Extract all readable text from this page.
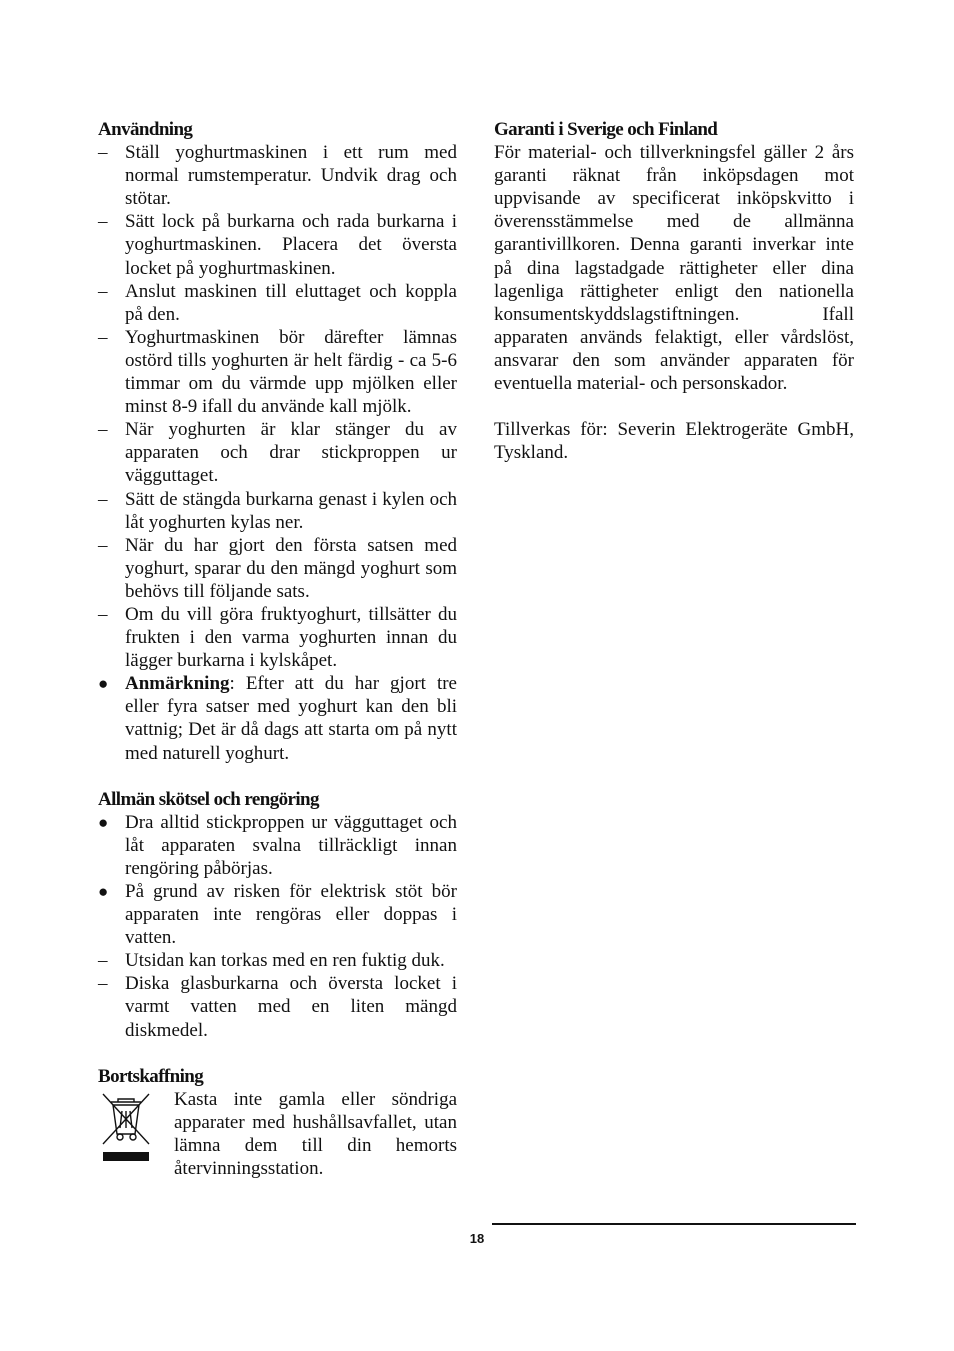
Användning

– Ställ yoghurtmaskinen i ett rum med normal rumstemperatur. Undvik drag och stötar.
– Sätt lock på burkarna och rada burkarna i yoghurtmaskinen. Placera det översta locket på yoghurtmaskinen.
– Anslut maskinen till eluttaget och koppla på den.
– Yoghurtmaskinen bör därefter lämnas ostörd tills yoghurten är helt färdig - ca 5-6 timmar om du värmde upp mjölken eller minst 8-9 ifall du använde kall mjölk.
– När yoghurten är klar stänger du av apparaten och drar stickproppen ur vägguttaget.
– Sätt de stängda burkarna genast i kylen och låt yoghurten kylas ner.
– När du har gjort den första satsen med yoghurt, sparar du den mängd yoghurt som behövs till följande sats.
– Om du vill göra fruktyoghurt, tillsätter du frukten i den varma yoghurten innan du lägger burkarna i kylskåpet.
● Anmärkning: Efter att du har gjort tre eller fyra satser med yoghurt kan den bli vattnig; Det är då dags att starta om på nytt med naturell yoghurt.

Allmän skötsel och rengöring

● Dra alltid stickproppen ur vägguttaget och låt apparaten svalna tillräckligt innan rengöring påbörjas.
● På grund av risken för elektrisk stöt bör apparaten inte rengöras eller doppas i vatten.
– Utsidan kan torkas med en ren fuktig duk.
– Diska glasburkarna och översta locket i varmt vatten med en liten mängd diskmedel.

Bortskaffning

Kasta inte gamla eller söndriga apparater med hushållsavfallet, utan lämna dem till din hemorts återvinningsstation.

Garanti i Sverige och Finland

För material- och tillverkningsfel gäller 2 års garanti räknat från inköpsdagen mot uppvisande av specificerat inköpskvitto i överensstämmelse med de allmänna garantivillkoren. Denna garanti inverkar inte på dina lagstadgade rättigheter eller dina lagenliga rättigheter enligt den nationella konsumentskyddslagstiftningen. Ifall apparaten används felaktigt, eller vårdslöst, ansvarar den som använder apparaten för eventuella material- och personskador.

Tillverkas för: Severin Elektrogeräte GmbH, Tyskland.

18
